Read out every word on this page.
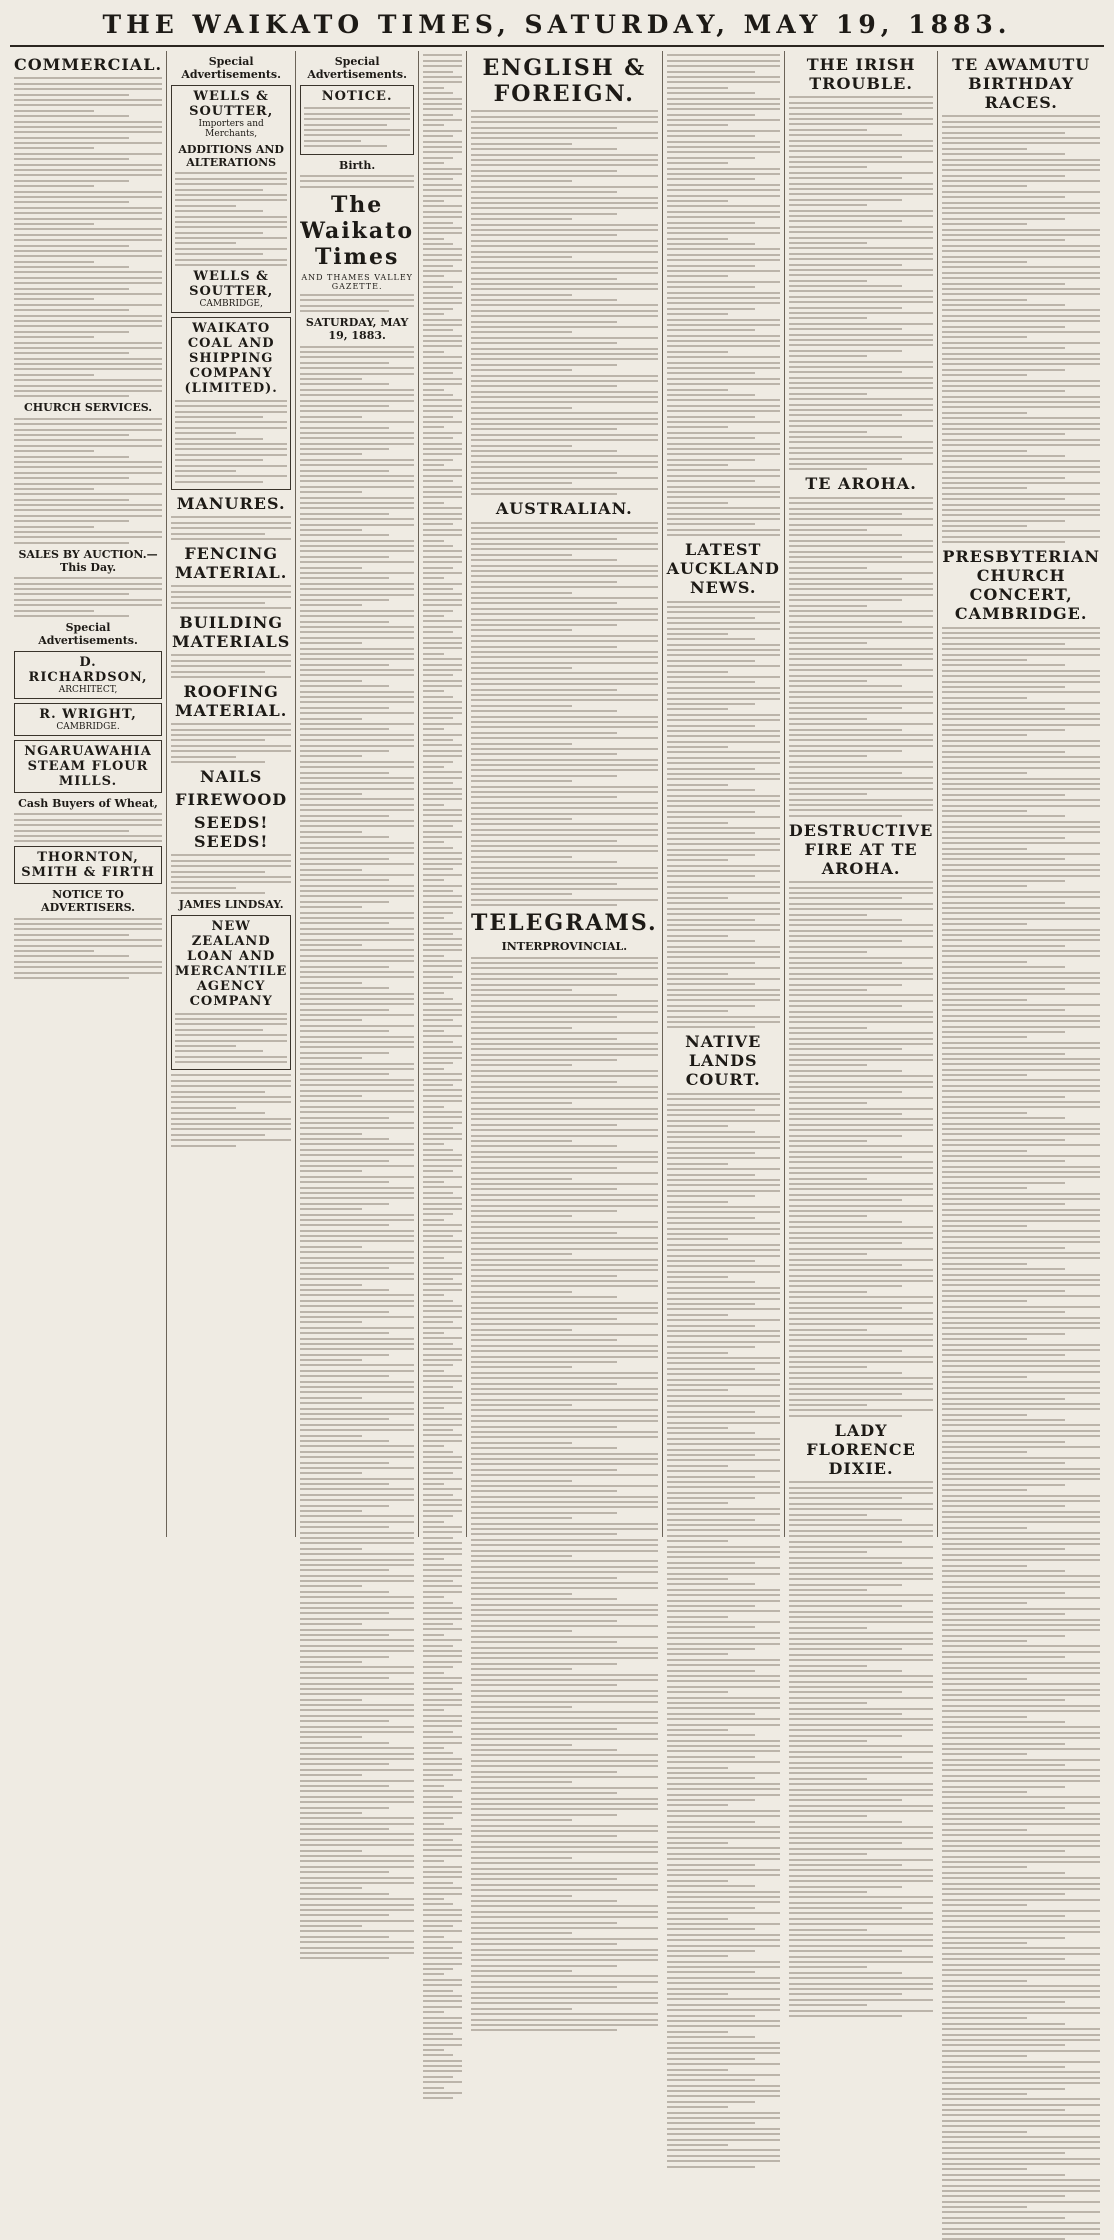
THE WAIKATO TIMES, SATURDAY, MAY 19, 1883.
COMMERCIAL.
CHURCH SERVICES.
SALES BY AUCTION.—This Day.
Special Advertisements.
D. RICHARDSON,
ARCHITECT,
R. WRIGHT,
CAMBRIDGE.
NGARUAWAHIA STEAM FLOUR MILLS.
Cash Buyers of Wheat,
THORNTON, SMITH & FIRTH
NOTICE TO ADVERTISERS.
Special Advertisements.
WELLS & SOUTTER,
Importers and Merchants,
ADDITIONS AND ALTERATIONS
WELLS & SOUTTER,
CAMBRIDGE,
WAIKATO COAL AND SHIPPING COMPANY (LIMITED).
MANURES.
FENCING MATERIAL.
BUILDING MATERIALS
ROOFING MATERIAL.
NAILS
FIREWOOD
SEEDS! SEEDS!
JAMES LINDSAY.
NEW ZEALAND LOAN AND MERCANTILE AGENCY COMPANY
Special Advertisements.
NOTICE.
Birth.
The Waikato Times
AND THAMES VALLEY GAZETTE.
SATURDAY, MAY 19, 1883.
ENGLISH & FOREIGN.
AUSTRALIAN.
TELEGRAMS.
INTERPROVINCIAL.
LATEST AUCKLAND NEWS.
NATIVE LANDS COURT.
THE IRISH TROUBLE.
TE AROHA.
DESTRUCTIVE FIRE AT TE AROHA.
LADY FLORENCE DIXIE.
TE AWAMUTU BIRTHDAY RACES.
PRESBYTERIAN CHURCH CONCERT, CAMBRIDGE.
